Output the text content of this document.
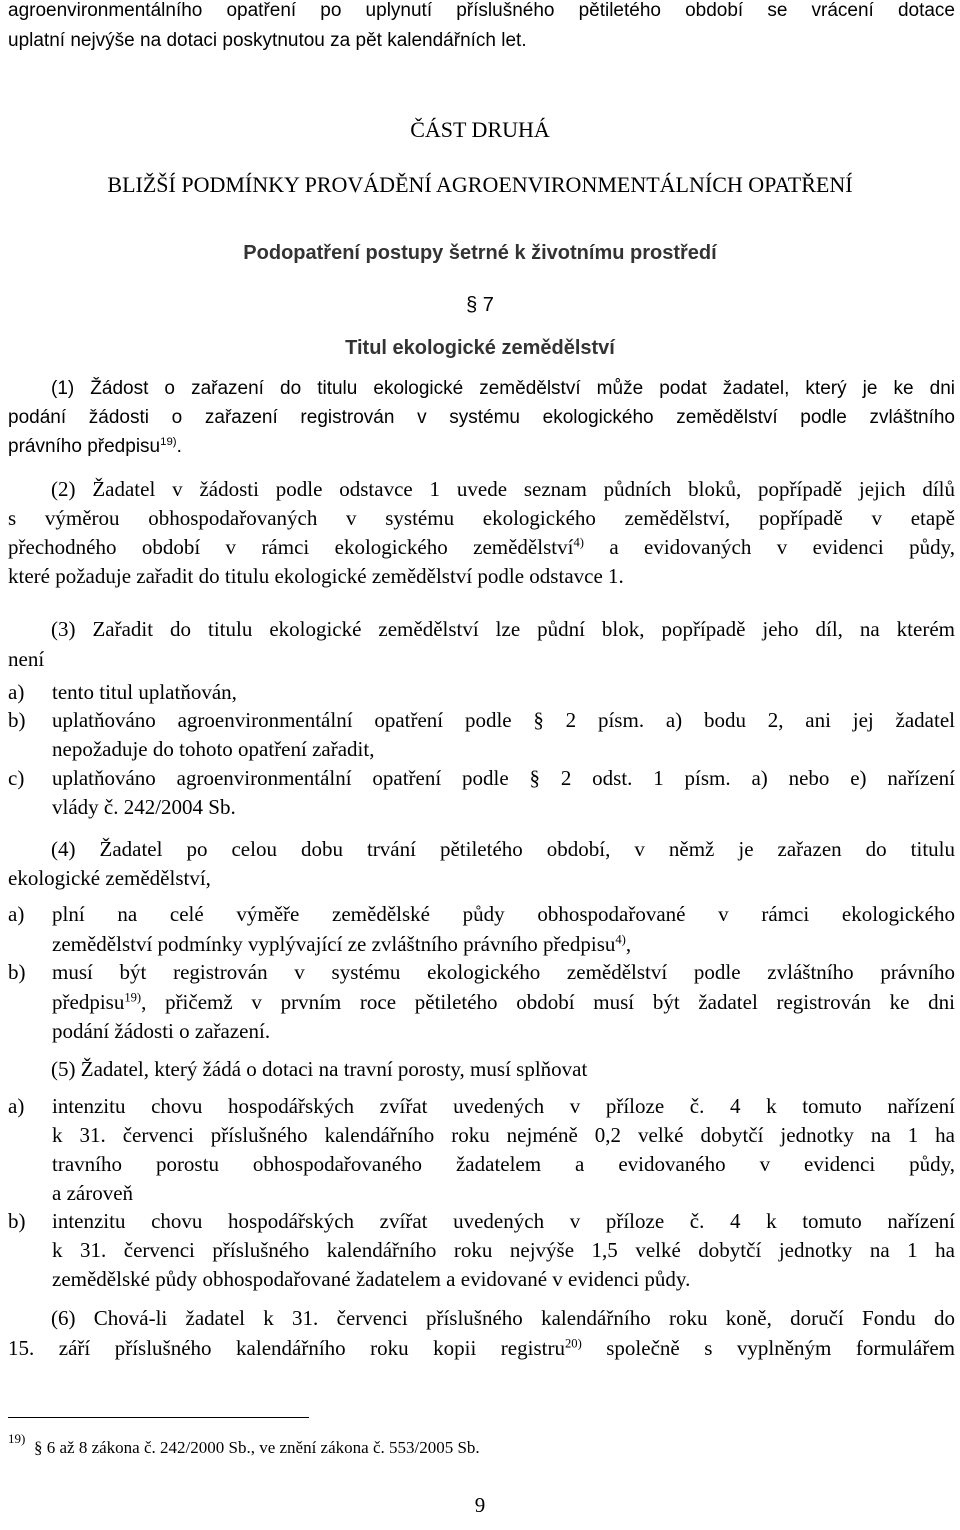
agroenvironmentálního opatření po uplynutí příslušného pětiletého období se vrácení dotace
uplatní nejvýše na dotaci poskytnutou za pět kalendářních let.
ČÁST DRUHÁ
BLIŽŠÍ PODMÍNKY PROVÁDĚNÍ AGROENVIRONMENTÁLNÍCH OPATŘENÍ
Podopatření postupy šetrné k životnímu prostředí
§ 7
Titul ekologické zemědělství
(1) Žádost o zařazení do titulu ekologické zemědělství může podat žadatel, který je ke dni
podání žádosti o zařazení registrován v systému ekologického zemědělství podle zvláštního
právního předpisu$^{19)}$.
(2) Žadatel v žádosti podle odstavce 1 uvede seznam půdních bloků, popřípadě jejich dílů
s výměrou obhospodařovaných v systému ekologického zemědělství, popřípadě v etapě
přechodného období v rámci ekologického zemědělství$^{4)}$ a evidovaných v evidenci půdy,
které požaduje zařadit do titulu ekologické zemědělství podle odstavce 1.
(3) Zařadit do titulu ekologické zemědělství lze půdní blok, popřípadě jeho díl, na kterém
není
a) tento titul uplatňován,
b) uplatňováno agroenvironmentální opatření podle § 2 písm. a) bodu 2, ani jej žadatel
nepožaduje do tohoto opatření zařadit,
c) uplatňováno agroenvironmentální opatření podle § 2 odst. 1 písm. a) nebo e) nařízení
vlády č. 242/2004 Sb.
(4) Žadatel po celou dobu trvání pětiletého období, v němž je zařazen do titulu
ekologické zemědělství,
a) plní na celé výměře zemědělské půdy obhospodařované v rámci ekologického
zemědělství podmínky vyplývající ze zvláštního právního předpisu$^{4)}$,
b) musí být registrován v systému ekologického zemědělství podle zvláštního právního
předpisu$^{19)}$, přičemž v prvním roce pětiletého období musí být žadatel registrován ke dni
podání žádosti o zařazení.
(5) Žadatel, který žádá o dotaci na travní porosty, musí splňovat
a) intenzitu chovu hospodářských zvířat uvedených v příloze č. 4 k tomuto nařízení
k 31. červenci příslušného kalendářního roku nejméně 0,2 velké dobytčí jednotky na 1 ha
travního porostu obhospodařovaného žadatelem a evidovaného v evidenci půdy,
a zároveň
b) intenzitu chovu hospodářských zvířat uvedených v příloze č. 4 k tomuto nařízení
k 31. červenci příslušného kalendářního roku nejvýše 1,5 velké dobytčí jednotky na 1 ha
zemědělské půdy obhospodařované žadatelem a evidované v evidenci půdy.
(6) Chová-li žadatel k 31. červenci příslušného kalendářního roku koně, doručí Fondu do
15. září příslušného kalendářního roku kopii registru$^{20)}$ společně s vyplněným formulářem
19) § 6 až 8 zákona č. 242/2000 Sb., ve znění zákona č. 553/2005 Sb.
9
